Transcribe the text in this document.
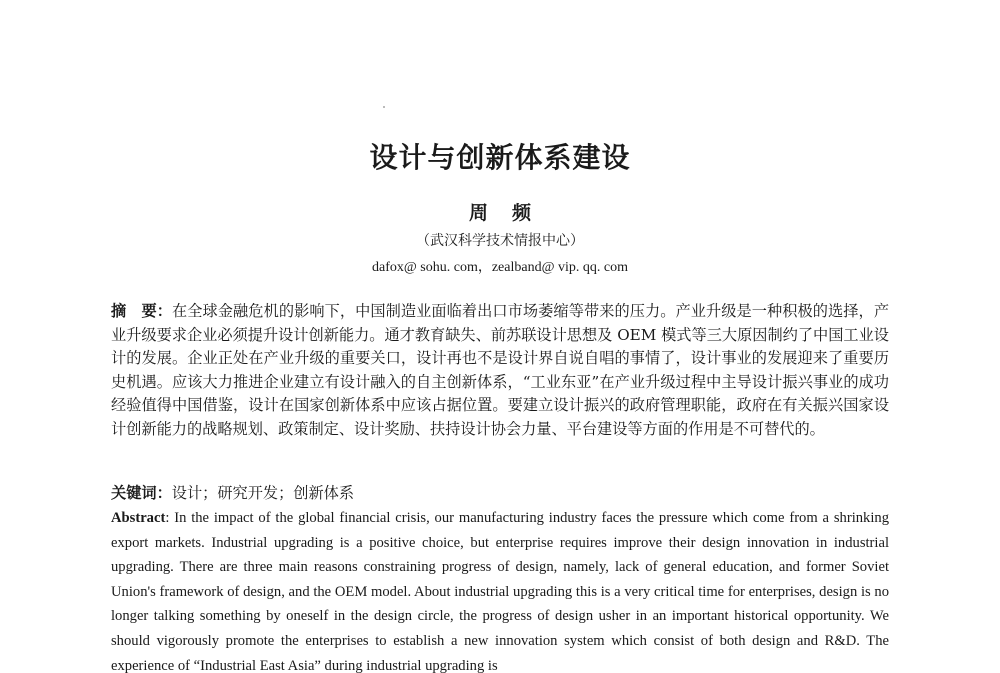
设计与创新体系建设
周频
（武汉科学技术情报中心）
dafox@ sohu. com，zealband@ vip. qq. com

摘　要：在全球金融危机的影响下，中国制造业面临着出口市场萎缩等带来的压力。产业升级是一种积极的选择，产业升级要求企业必须提升设计创新能力。通才教育缺失、前苏联设计思想及 OEM 模式等三大原因制约了中国工业设计的发展。企业正处在产业升级的重要关口，设计再也不是设计界自说自唱的事情了，设计事业的发展迎来了重要历史机遇。应该大力推进企业建立有设计融入的自主创新体系，“工业东亚”在产业升级过程中主导设计振兴事业的成功经验值得中国借鉴，设计在国家创新体系中应该占据位置。要建立设计振兴的政府管理职能，政府在有关振兴国家设计创新能力的战略规划、政策制定、设计奖励、扶持设计协会力量、平台建设等方面的作用是不可替代的。

关键词：设计；研究开发；创新体系

Abstract: In the impact of the global financial crisis, our manufacturing industry faces the pressure which come from a shrinking export markets. Industrial upgrading is a positive choice, but enterprise requires improve their design innovation in industrial upgrading. There are three main reasons constraining progress of design, namely, lack of general education, and former Soviet Union's framework of design, and the OEM model. About industrial upgrading this is a very critical time for enterprises, design is no longer talking something by oneself in the design circle, the progress of design usher in an important historical opportunity. We should vigorously promote the enterprises to establish a new innovation system which consist of both design and R&D. The experience of “Industrial East Asia” during industrial upgrading is
